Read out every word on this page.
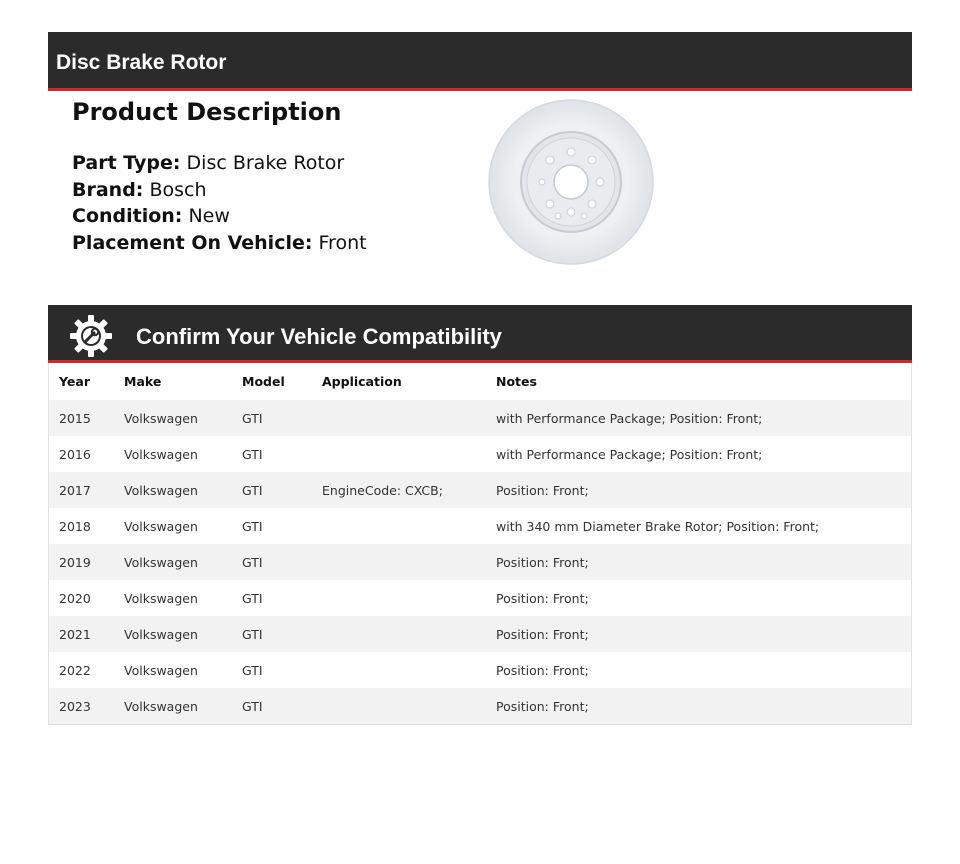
Disc Brake Rotor
Product Description
Part Type: Disc Brake Rotor
Brand: Bosch
Condition: New
Placement On Vehicle: Front
Confirm Your Vehicle Compatibility
Year	Make	Model	Application	Notes
2015	Volkswagen	GTI		with Performance Package; Position: Front;
2016	Volkswagen	GTI		with Performance Package; Position: Front;
2017	Volkswagen	GTI	EngineCode: CXCB;	Position: Front;
2018	Volkswagen	GTI		with 340 mm Diameter Brake Rotor; Position: Front;
2019	Volkswagen	GTI		Position: Front;
2020	Volkswagen	GTI		Position: Front;
2021	Volkswagen	GTI		Position: Front;
2022	Volkswagen	GTI		Position: Front;
2023	Volkswagen	GTI		Position: Front;
